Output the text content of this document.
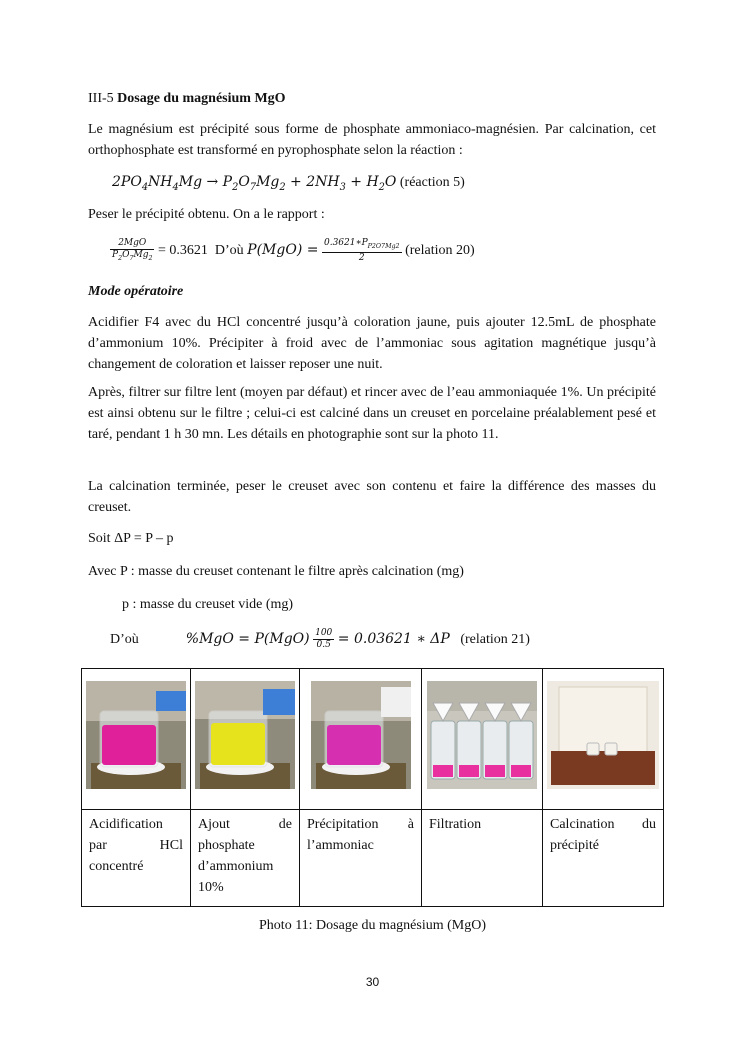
III-5 Dosage du magnésium MgO
Le magnésium est précipité sous forme de phosphate ammoniaco-magnésien. Par calcination, cet orthophosphate est transformé en pyrophosphate selon la réaction :
$2PO_4NH_4Mg \to P_2O_7Mg_2 + 2NH_3 + H_2O$ (réaction 5)
Peser le précipité obtenu. On a le rapport :
$\frac{\text{2MgO}}{P_2O_7Mg_2} = 0.3621$ D’où $P(MgO) = \frac{0.3621∗P_{P2O7Mg2}}{2}$ (relation 20)
Mode opératoire
Acidifier F4 avec du HCl concentré jusqu’à coloration jaune, puis ajouter 12.5mL de phosphate d’ammonium 10%. Précipiter à froid avec de l’ammoniac sous agitation magnétique jusqu’à changement de coloration et laisser reposer une nuit.
Après, filtrer sur filtre lent (moyen par défaut) et rincer avec de l’eau ammoniaquée 1%. Un précipité est ainsi obtenu sur le filtre ; celui-ci est calciné dans un creuset en porcelaine préalablement pesé et taré, pendant 1 h 30 mn. Les détails en photographie sont sur la photo 11.
La calcination terminée, peser le creuset avec son contenu et faire la différence des masses du creuset.
Soit ΔP = P – p
Avec P : masse du creuset contenant le filtre après calcination (mg)
p : masse du creuset vide (mg)
D’où	$\%MgO = P(MgO) \frac{100}{0.5} = 0.03621$ ∗ ΔP (relation 21)

Acidification par HCl concentré	Ajout de phosphate d’ammonium 10%	Précipitation à l’ammoniac	Filtration	Calcination du précipité
Photo 11: Dosage du magnésium (MgO)
30
